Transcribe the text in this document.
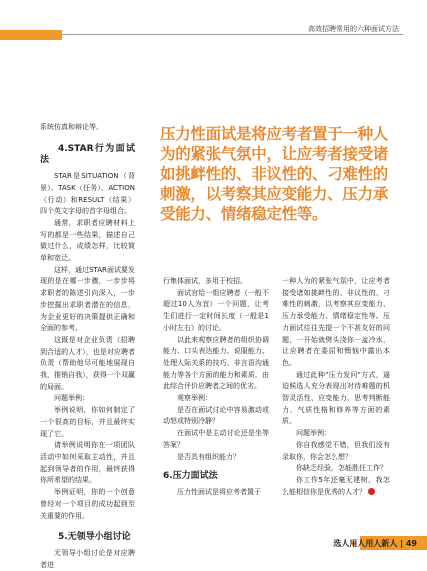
高效招聘常用的六种面试方法

系统仿真和辩论等。

4.STAR行为面试法

STAR是SITUATION（背景）、TASK（任务）、ACTION（行动）和RESULT（结果）四个英文字母的首字母组合。

通常，求职者应聘材料上写的都是一些结果，描述自己做过什么，成绩怎样，比较简单和宽泛。

这样，通过STAR面试要发现的是在哪一步骤，一步步将求职者的陈述引向深入，一步步挖掘出求职者潜在的信息，为企业更好的决策提供正确和全面的参考。

这既是对企业负责（招聘到合适的人才），也是对应聘者负责（帮助他尽可能地展现自我，推销自我），获得一个双赢的局面。

问题举例：

举例说明，你如何制定了一个很高的目标，并且最终实现了它。

请举例说明你在一项团队活动中如何采取主动性，并且起到领导者的作用，最终获得你所希望的结果。

举例证明，你的一个创意曾经对一个项目的成功起到至关重要的作用。

5.无领导小组讨论

无领导小组讨论是对应聘者进

压力性面试是将应考者置于一种人为的紧张气氛中，让应考者接受诸如挑衅性的、非议性的、刁难性的刺激，以考察其应变能力、压力承受能力、情绪稳定性等。

行集体面试，多用于校招。

面试官给一组应聘者（一般不超过10人为宜）一个问题，让考生们进行一定时间长度（一般是1小时左右）的讨论。

以此来观察应聘者的组织协调能力、口头表达能力、说服能力、处理人际关系的技巧、非言语沟通能力等各个方面的能力和素质，由此综合评价应聘者之间的优劣。

观察举例：

是否在面试讨论中容易激动或动怒或特别冷静？

在面试中是主动讨论还是坐等答案？

是否具有组织能力？

6.压力面试法

压力性面试是将应考者置于

一种人为的紧张气氛中，让应考者接受诸如挑衅性的、非议性的、刁难性的刺激，以考察其应变能力、压力承受能力、情绪稳定性等。压力面试往往先提一个不甚友好的问题，一开始就劈头浇你一盆冷水，让应聘者在委屈和懊恼中露出本色。

通过此种"压力发问"方式，逼迫候选人充分表现出对待难题的机智灵活性、应变能力、思考判断能力、气质性格和修养等方面的素质。

问题举例：

你自我感觉不错，但我们没有录取你，你会怎么想？

你缺乏经验，怎能胜任工作？

你工作5年还毫无建树，我怎么能相信你是优秀的人才？

选人用人用人新人 | 49
